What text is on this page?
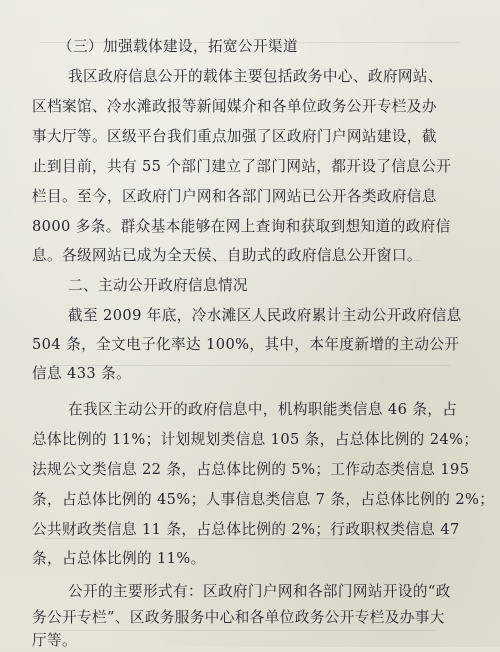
（三）加强载体建设，拓宽公开渠道
我区政府信息公开的载体主要包括政务中心、政府网站、
区档案馆、冷水滩政报等新闻媒介和各单位政务公开专栏及办
事大厅等。区级平台我们重点加强了区政府门户网站建设，截
止到目前，共有 55 个部门建立了部门网站，都开设了信息公开
栏目。至今，区政府门户网和各部门网站已公开各类政府信息
8000 多条。群众基本能够在网上查询和获取到想知道的政府信
息。各级网站已成为全天侯、自助式的政府信息公开窗口。
二、主动公开政府信息情况
截至 2009 年底，冷水滩区人民政府累计主动公开政府信息
504 条，全文电子化率达 100%，其中，本年度新增的主动公开
信息 433 条。
在我区主动公开的政府信息中，机构职能类信息 46 条，占
总体比例的 11%；计划规划类信息 105 条，占总体比例的 24%；
法规公文类信息 22 条，占总体比例的 5%；工作动态类信息 195
条，占总体比例的 45%；人事信息类信息 7 条，占总体比例的 2%；
公共财政类信息 11 条，占总体比例的 2%；行政职权类信息 47
条，占总体比例的 11%。
公开的主要形式有：区政府门户网和各部门网站开设的“政
务公开专栏”、区政务服务中心和各单位政务公开专栏及办事大
厅等。
